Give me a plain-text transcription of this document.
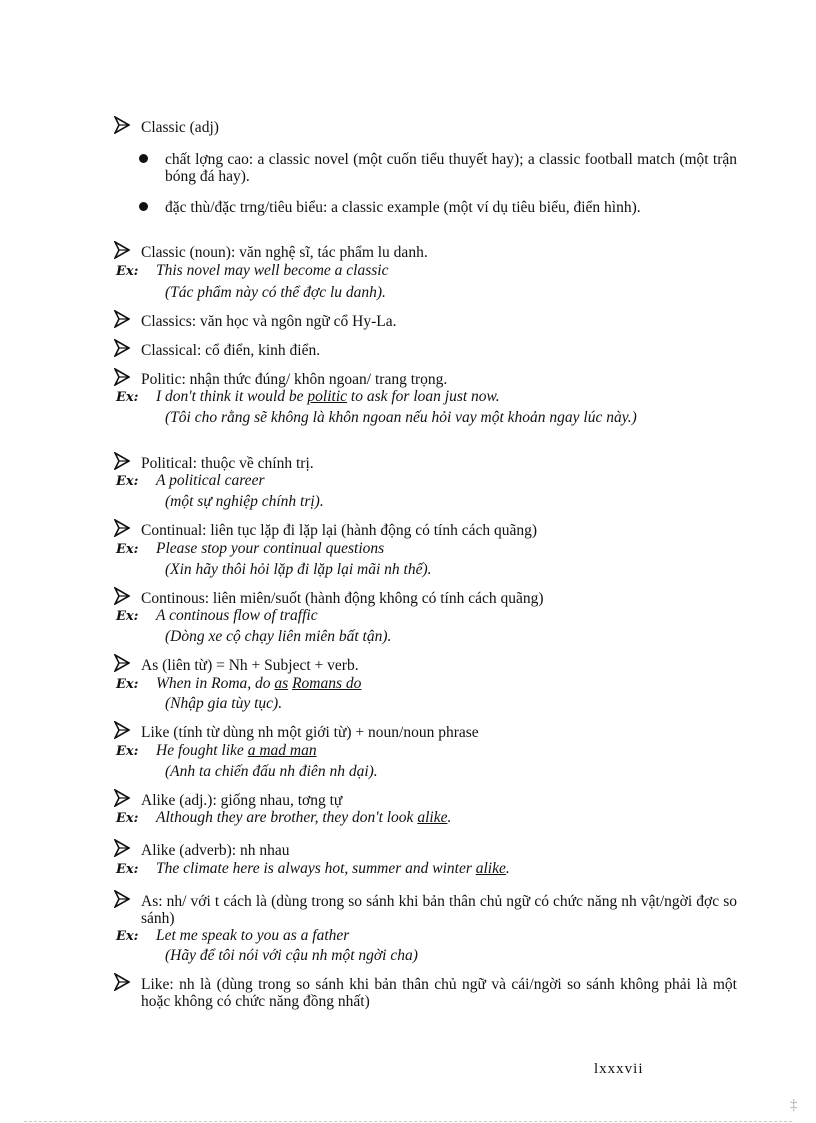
Classic (adj)
chất lợng cao: a classic novel (một cuốn tiểu thuyết hay); a classic football match (một trận bóng đá hay).
đặc thù/đặc trng/tiêu biểu: a classic example (một ví dụ tiêu biểu, điển hình).
Classic (noun): văn nghệ sĩ, tác phẩm lu danh.
Ex: This novel may well become a classic
(Tác phẩm này có thể đợc lu danh).
Classics: văn học và ngôn ngữ cổ Hy-La.
Classical: cổ điển, kinh điển.
Politic: nhận thức đúng/ khôn ngoan/ trang trọng.
Ex: I don't think it would be politic to ask for loan just now.
(Tôi cho rằng sẽ không là khôn ngoan nếu hỏi vay một khoản ngay lúc này.)
Political: thuộc về chính trị.
Ex: A political career
(một sự nghiệp chính trị).
Continual: liên tục lặp đi lặp lại (hành động có tính cách quãng)
Ex: Please stop your continual questions
(Xin hãy thôi hỏi lặp đi lặp lại mãi nh thế).
Continous: liên miên/suốt (hành động không có tính cách quãng)
Ex: A continous flow of traffic
(Dòng xe cộ chạy liên miên bất tận).
As (liên từ) = Nh + Subject + verb.
Ex: When in Roma, do as Romans do
(Nhập gia tùy tục).
Like (tính từ dùng nh một giới từ) + noun/noun phrase
Ex: He fought like a mad man
(Anh ta chiến đấu nh điên nh dại).
Alike (adj.): giống nhau, tơng tự
Ex: Although they are brother, they don't look alike.
Alike (adverb): nh nhau
Ex: The climate here is always hot, summer and winter alike.
As: nh/ với t cách là (dùng trong so sánh khi bản thân chủ ngữ có chức năng nh vật/ngời đợc so sánh)
Ex: Let me speak to you as a father
(Hãy để tôi nói với cậu nh một ngời cha)
Like: nh là (dùng trong so sánh khi bản thân chủ ngữ và cái/ngời so sánh không phải là một hoặc không có chức năng đồng nhất)
lxxxvii
‡
